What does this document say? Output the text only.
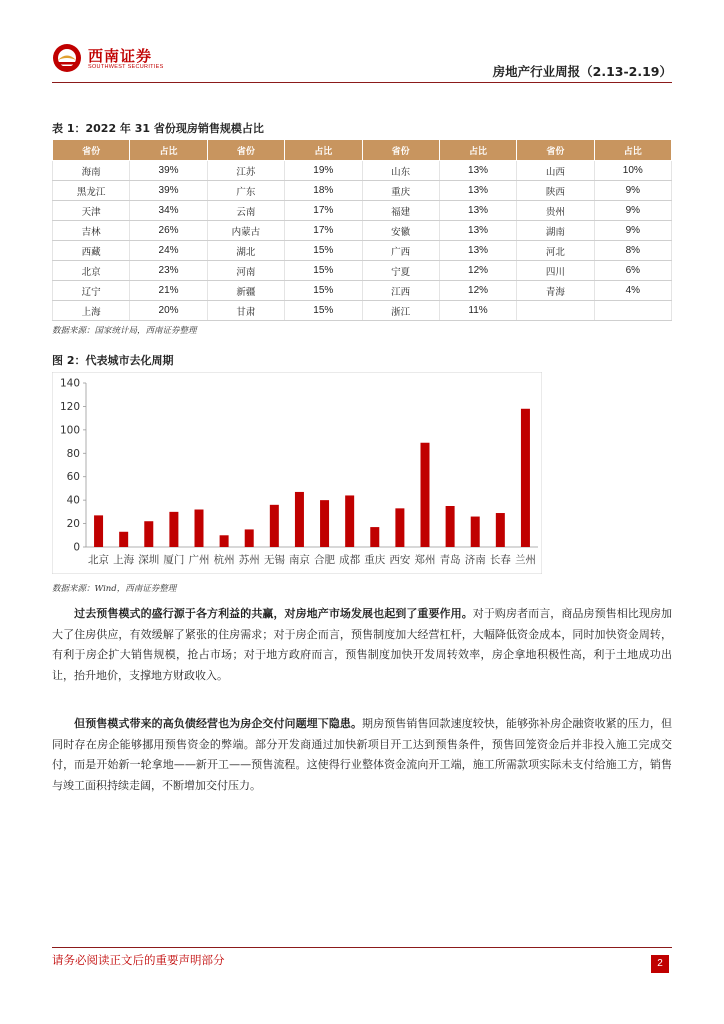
西南证券
SOUTHWEST SECURITIES	房地产行业周报（2.13-2.19）
表 1：2022 年 31 省份现房销售规模占比
省份	占比	省份	占比	省份	占比	省份	占比
海南	39%	江苏	19%	山东	13%	山西	10%
黑龙江	39%	广东	18%	重庆	13%	陕西	9%
天津	34%	云南	17%	福建	13%	贵州	9%
吉林	26%	内蒙古	17%	安徽	13%	湖南	9%
西藏	24%	湖北	15%	广西	13%	河北	8%
北京	23%	河南	15%	宁夏	12%	四川	6%
辽宁	21%	新疆	15%	江西	12%	青海	4%
上海	20%	甘肃	15%	浙江	11%		
数据来源：国家统计局，西南证券整理
图 2：代表城市去化周期
0
20
40
60
80
100
120
140
北京 上海 深圳 厦门 广州 杭州 苏州 无锡 南京 合肥 成都 重庆 西安 郑州 青岛 济南 长春 兰州
数据来源：Wind，西南证券整理
　　过去预售模式的盛行源于各方利益的共赢，对房地产市场发展也起到了重要作用。对于购房者而言，商品房预售相比现房加大了住房供应，有效缓解了紧张的住房需求；对于房企而言，预售制度加大经营杠杆，大幅降低资金成本，同时加快资金周转，有利于房企扩大销售规模，抢占市场；对于地方政府而言，预售制度加快开发周转效率，房企拿地积极性高，利于土地成功出让，抬升地价，支撑地方财政收入。
　　但预售模式带来的高负债经营也为房企交付问题埋下隐患。期房预售销售回款速度较快，能够弥补房企融资收紧的压力，但同时存在房企能够挪用预售资金的弊端。部分开发商通过加快新项目开工达到预售条件，预售回笼资金后并非投入施工完成交付，而是开始新一轮拿地——新开工——预售流程。这使得行业整体资金流向开工端，施工所需款项实际未支付给施工方，销售与竣工面积持续走阔，不断增加交付压力。
请务必阅读正文后的重要声明部分	2
